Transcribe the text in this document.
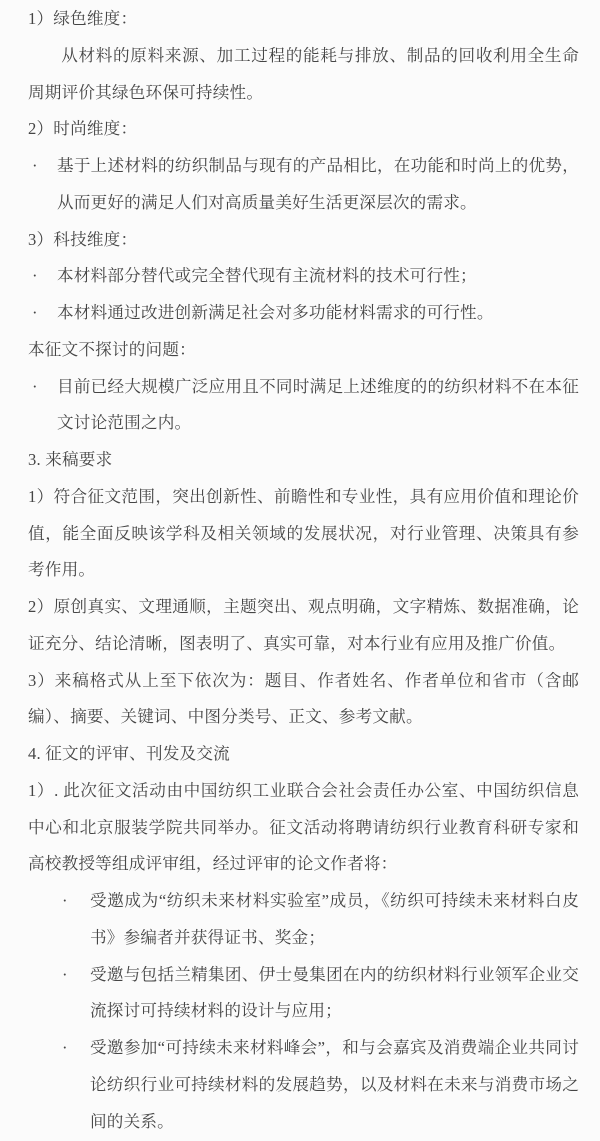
1）绿色维度：
从材料的原料来源、加工过程的能耗与排放、制品的回收利用全生命周期评价其绿色环保可持续性。
2）时尚维度：
· 基于上述材料的纺织制品与现有的产品相比，在功能和时尚上的优势，从而更好的满足人们对高质量美好生活更深层次的需求。
3）科技维度：
· 本材料部分替代或完全替代现有主流材料的技术可行性；
· 本材料通过改进创新满足社会对多功能材料需求的可行性。
本征文不探讨的问题：
· 目前已经大规模广泛应用且不同时满足上述维度的的纺织材料不在本征文讨论范围之内。
3. 来稿要求
1）符合征文范围，突出创新性、前瞻性和专业性，具有应用价值和理论价值，能全面反映该学科及相关领域的发展状况，对行业管理、决策具有参考作用。
2）原创真实、文理通顺，主题突出、观点明确，文字精炼、数据准确，论证充分、结论清晰，图表明了、真实可靠，对本行业有应用及推广价值。
3）来稿格式从上至下依次为：题目、作者姓名、作者单位和省市（含邮编）、摘要、关键词、中图分类号、正文、参考文献。
4. 征文的评审、刊发及交流
1）. 此次征文活动由中国纺织工业联合会社会责任办公室、中国纺织信息中心和北京服装学院共同举办。征文活动将聘请纺织行业教育科研专家和高校教授等组成评审组，经过评审的论文作者将：
· 受邀成为“纺织未来材料实验室”成员，《纺织可持续未来材料白皮书》参编者并获得证书、奖金；
· 受邀与包括兰精集团、伊士曼集团在内的纺织材料行业领军企业交流探讨可持续材料的设计与应用；
· 受邀参加“可持续未来材料峰会”，和与会嘉宾及消费端企业共同讨论纺织行业可持续材料的发展趋势，以及材料在未来与消费市场之间的关系。
